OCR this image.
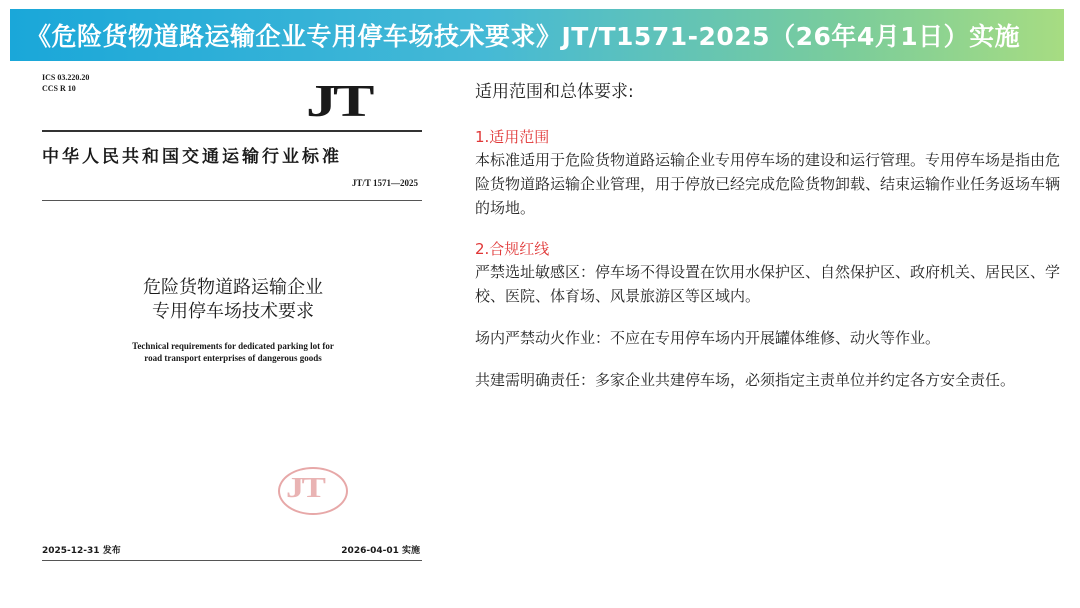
《危险货物道路运输企业专用停车场技术要求》JT/T1571-2025（26年4月1日）实施
ICS 03.220.20
CCS R 10	JT
中华人民共和国交通运输行业标准
JT/T 1571—2025
危险货物道路运输企业
专用停车场技术要求
Technical requirements for dedicated parking lot for
road transport enterprises of dangerous goods
JT
2025-12-31 发布	2026-04-01 实施
适用范围和总体要求:
1.适用范围
本标准适用于危险货物道路运输企业专用停车场的建设和运行管理。专用停车场是指由危险货物道路运输企业管理，用于停放已经完成危险货物卸载、结束运输作业任务返场车辆的场地。
2.合规红线
严禁选址敏感区：停车场不得设置在饮用水保护区、自然保护区、政府机关、居民区、学校、医院、体育场、风景旅游区等区域内。
场内严禁动火作业：不应在专用停车场内开展罐体维修、动火等作业。
共建需明确责任：多家企业共建停车场，必须指定主责单位并约定各方安全责任。
